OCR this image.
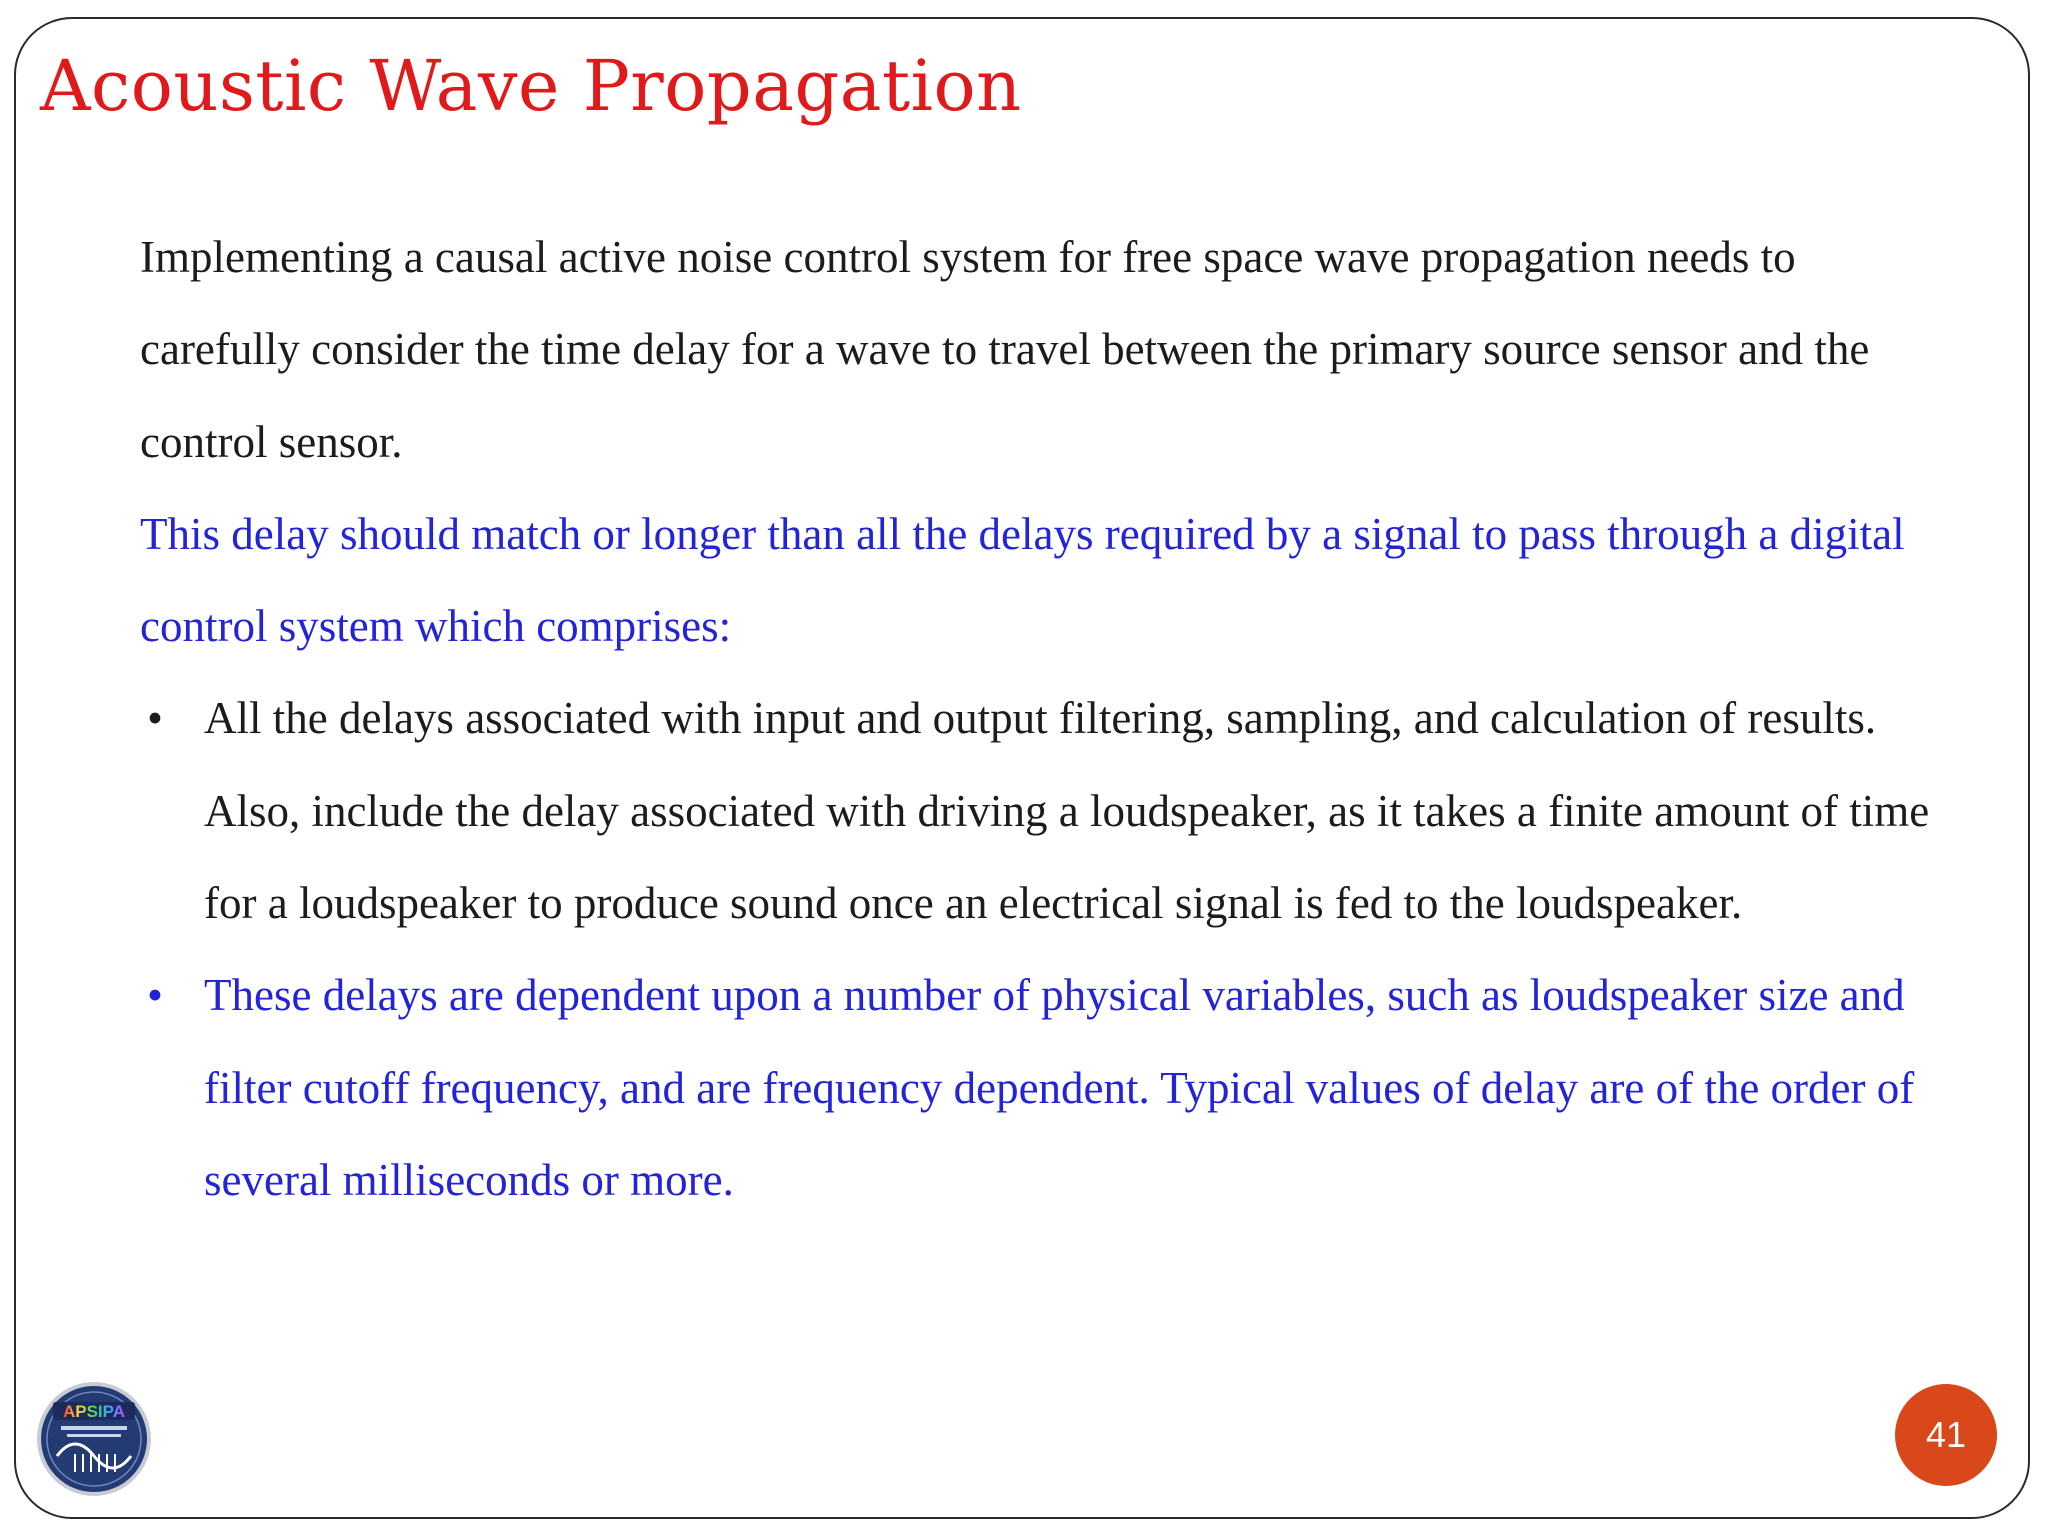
Acoustic Wave Propagation

Implementing a causal active noise control system for free space wave propagation needs to carefully consider the time delay for a wave to travel between the primary source sensor and the control sensor.

This delay should match or longer than all the delays required by a signal to pass through a digital control system which comprises:

• All the delays associated with input and output filtering, sampling, and calculation of results. Also, include the delay associated with driving a loudspeaker, as it takes a finite amount of time for a loudspeaker to produce sound once an electrical signal is fed to the loudspeaker.
• These delays are dependent upon a number of physical variables, such as loudspeaker size and filter cutoff frequency, and are frequency dependent. Typical values of delay are of the order of several milliseconds or more.
APSIPA
41
